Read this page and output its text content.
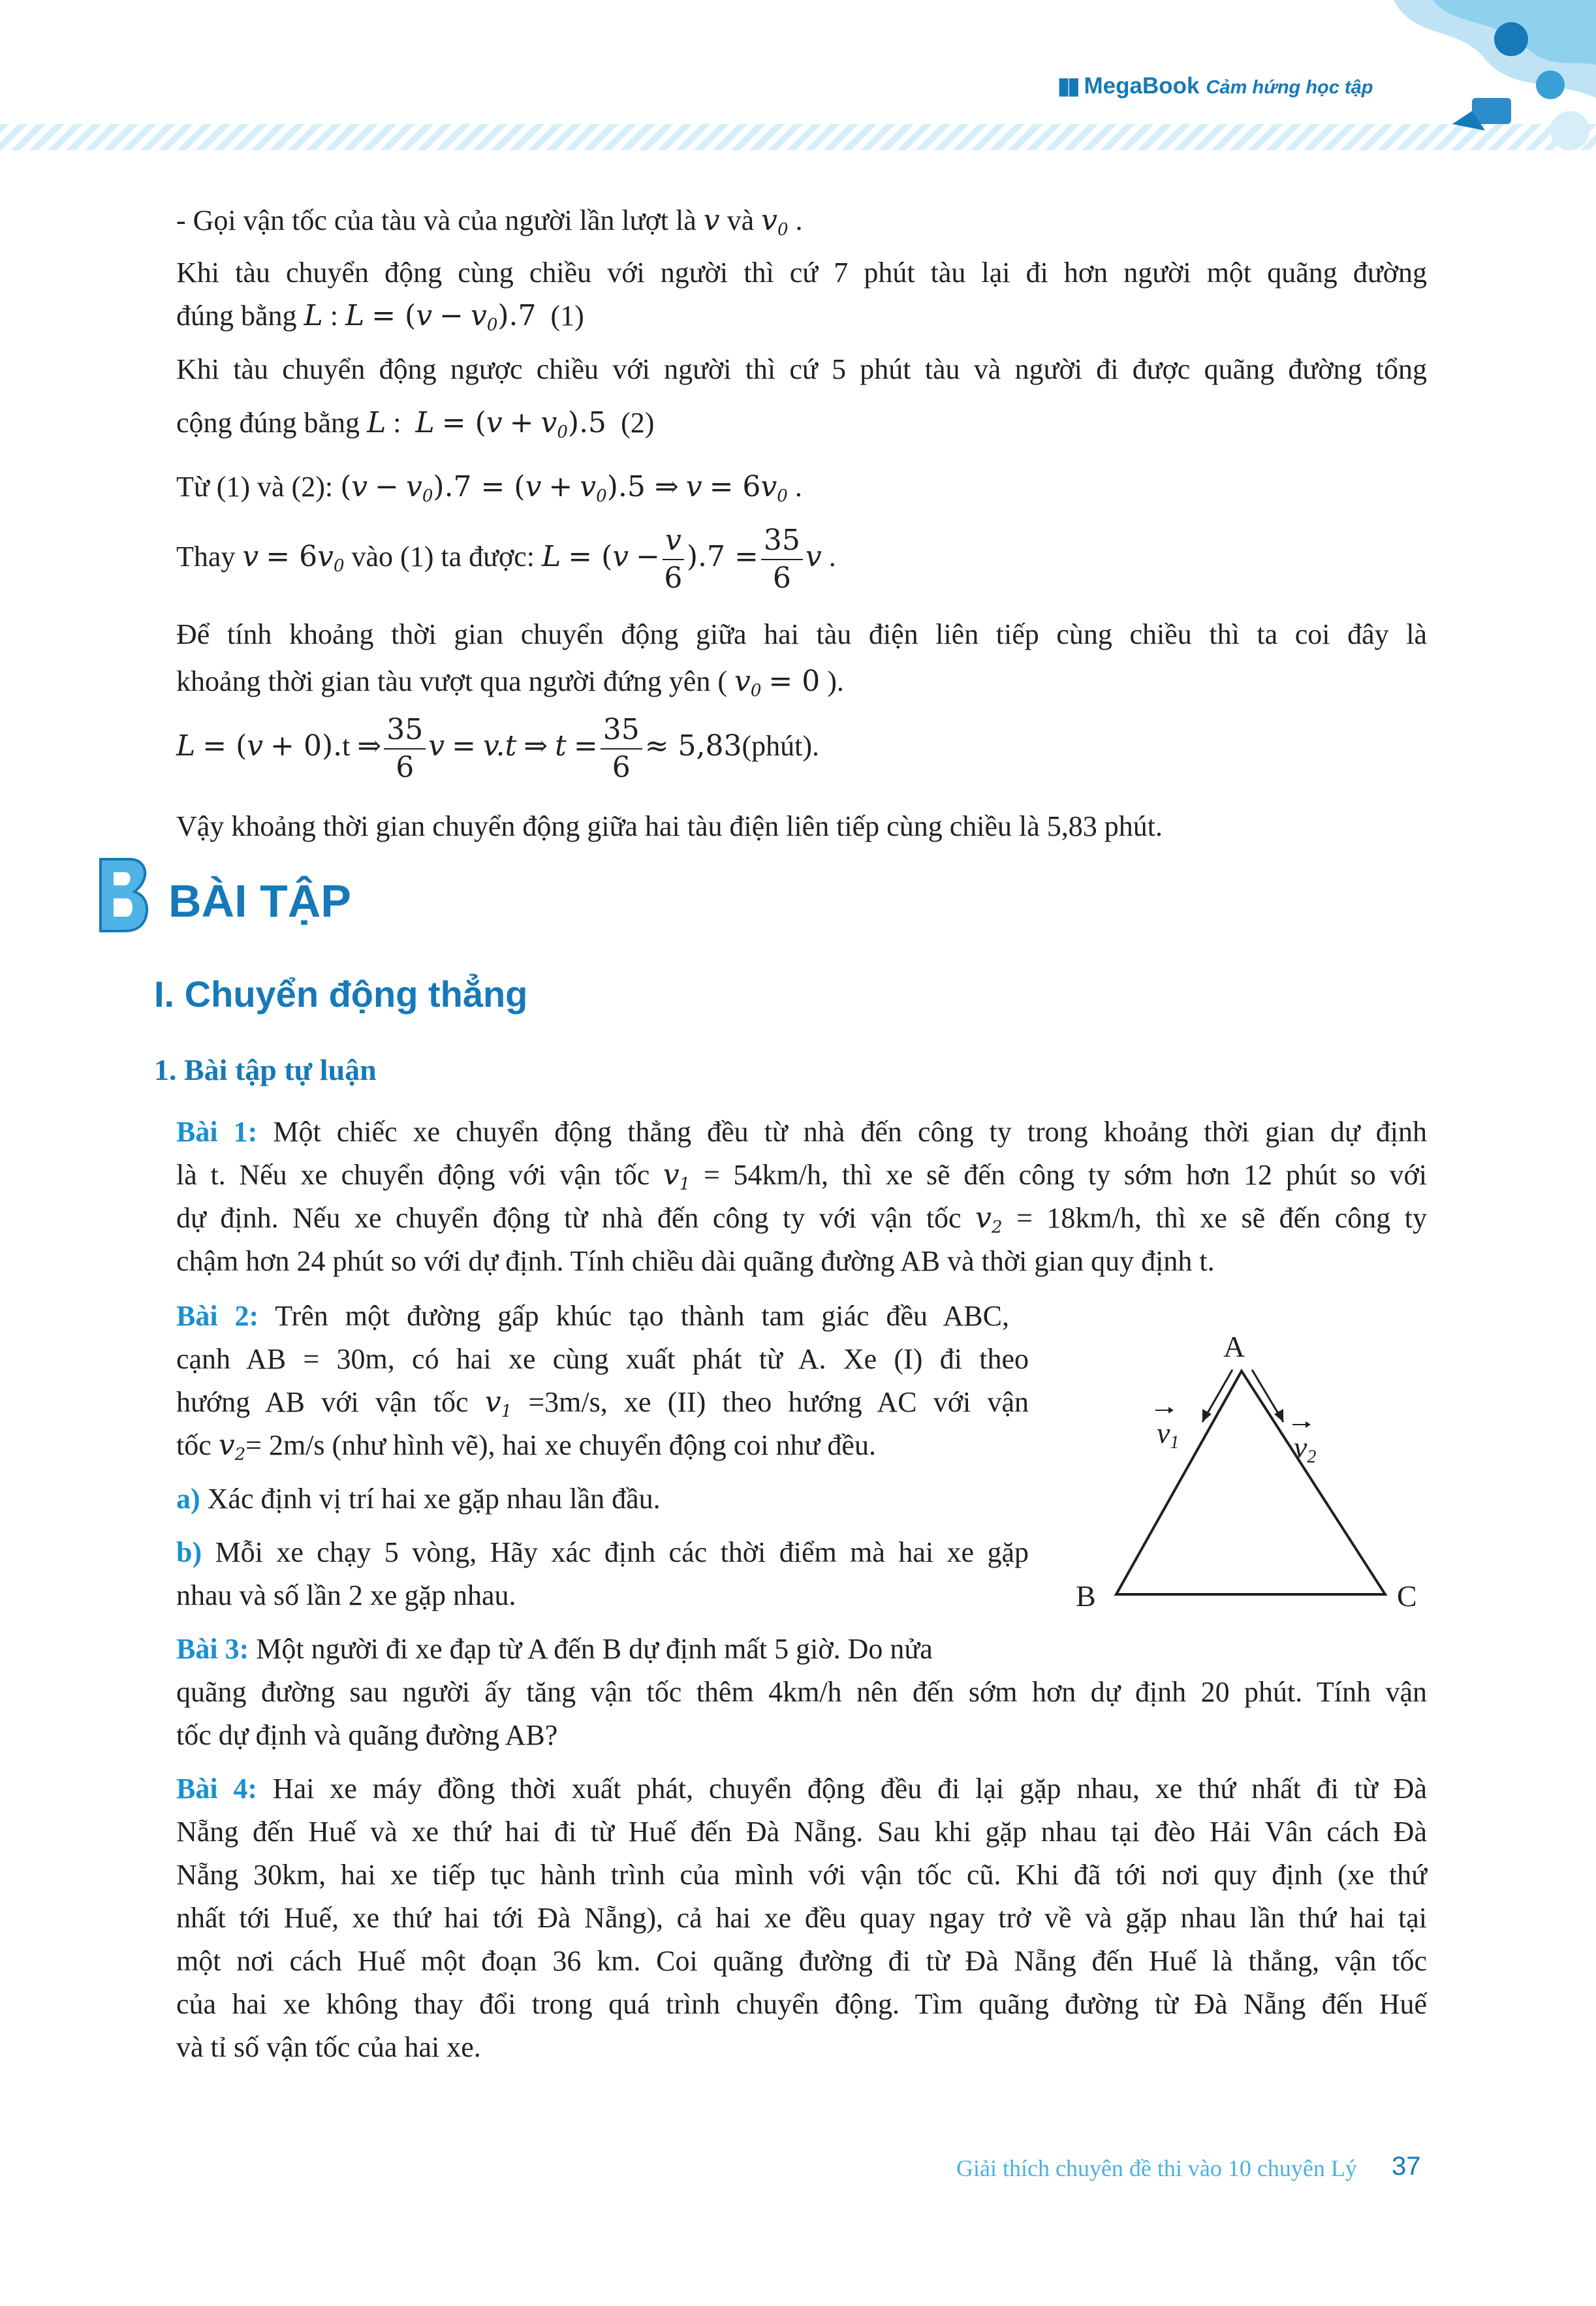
▮▮ MegaBook Cảm hứng học tập
- Gọi vận tốc của tàu và của người lần lượt là v và $v_0$ .
Khi tàu chuyển động cùng chiều với người thì cứ 7 phút tàu lại đi hơn người một quãng đường
đúng bằng L : $L = (v - v_0).7$ (1)
Khi tàu chuyển động ngược chiều với người thì cứ 5 phút tàu và người đi được quãng đường tổng
cộng đúng bằng L :  $L = (v + v_0).5$ (2)
Từ (1) và (2): $(v - v_0).7 = (v + v_0).5$ ⇒ $v = 6v_0$ .
Thay $v = 6v_0$ vào (1) ta được: $L = (v - \frac{v}{6} ).7 = \frac{35}{6}$ v .
Để tính khoảng thời gian chuyển động giữa hai tàu điện liên tiếp cùng chiều thì ta coi đây là
khoảng thời gian tàu vượt qua người đứng yên ( $v_0 = 0$ ).
L = (v + 0).t ⇒ $\frac{35}{6}$ v = v.t ⇒ $t = \frac{35}{6}$ ≈ 5,83(phút).
Vậy khoảng thời gian chuyển động giữa hai tàu điện liên tiếp cùng chiều là 5,83 phút.
BÀI TẬP
I. Chuyển động thẳng
1. Bài tập tự luận
Bài 1: Một chiếc xe chuyển động thẳng đều từ nhà đến công ty trong khoảng thời gian dự định
là t. Nếu xe chuyển động với vận tốc $v_1 = 54km/h$, thì xe sẽ đến công ty sớm hơn 12 phút so với
dự định. Nếu xe chuyển động từ nhà đến công ty với vận tốc $v_2 = 18km/h$, thì xe sẽ đến công ty
chậm hơn 24 phút so với dự định. Tính chiều dài quãng đường AB và thời gian quy định t.
Bài 2: Trên một đường gấp khúc tạo thành tam giác đều ABC,
cạnh AB = 30m, có hai xe cùng xuất phát từ A. Xe (I) đi theo
hướng AB với vận tốc $v_1 =3m/s$, xe (II) theo hướng AC với vận
tốc $v_2= 2m/s$ (như hình vẽ), hai xe chuyển động coi như đều.
a) Xác định vị trí hai xe gặp nhau lần đầu.
b) Mỗi xe chạy 5 vòng, Hãy xác định các thời điểm mà hai xe gặp
nhau và số lần 2 xe gặp nhau.
A
B	C
v1	v2
Bài 3: Một người đi xe đạp từ A đến B dự định mất 5 giờ. Do nửa
quãng đường sau người ấy tăng vận tốc thêm 4km/h nên đến sớm hơn dự định 20 phút. Tính vận
tốc dự định và quãng đường AB?
Bài 4: Hai xe máy đồng thời xuất phát, chuyển động đều đi lại gặp nhau, xe thứ nhất đi từ Đà
Nẵng đến Huế và xe thứ hai đi từ Huế đến Đà Nẵng. Sau khi gặp nhau tại đèo Hải Vân cách Đà
Nẵng 30km, hai xe tiếp tục hành trình của mình với vận tốc cũ. Khi đã tới nơi quy định (xe thứ
nhất tới Huế, xe thứ hai tới Đà Nẵng), cả hai xe đều quay ngay trở về và gặp nhau lần thứ hai tại
một nơi cách Huế một đoạn 36 km. Coi quãng đường đi từ Đà Nẵng đến Huế là thẳng, vận tốc
của hai xe không thay đổi trong quá trình chuyển động. Tìm quãng đường từ Đà Nẵng đến Huế
và tỉ số vận tốc của hai xe.
Giải thích chuyên đề thi vào 10 chuyên Lý 37
